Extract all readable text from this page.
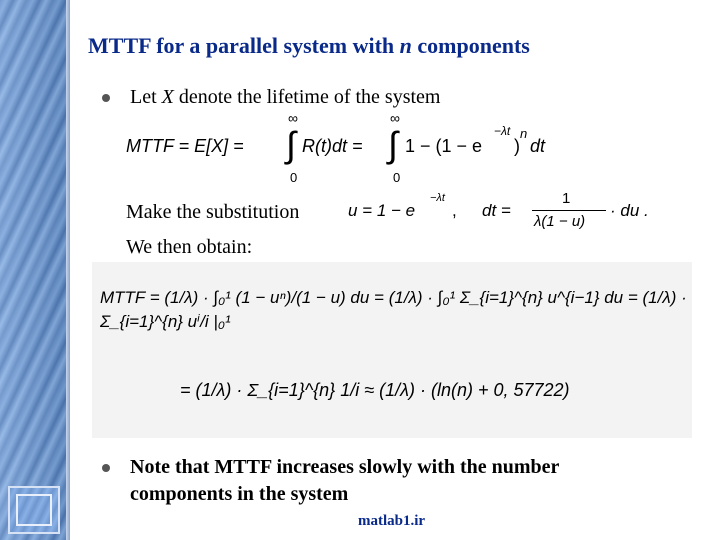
MTTF for a parallel system with n components
Let X denote the lifetime of the system
MTTF = E[X] =
∞
∫
0
R(t)dt =
∞
∫
0
1 − (1 − e
−λt
)
n
dt
Make the substitution	u = 1 − e
−λt
, dt =
1
λ(1 − u)
· du .
We then obtain:
MTTF = (1/λ) · ∫₀¹ (1 − uⁿ)/(1 − u) du = (1/λ) · ∫₀¹ Σ_{i=1}^{n} u^{i−1} du = (1/λ) · Σ_{i=1}^{n} uⁱ/i |₀¹
= (1/λ) · Σ_{i=1}^{n} 1/i ≈ (1/λ) · (ln(n) + 0, 57722)
Note that MTTF increases slowly with the number
components in the system
matlab1.ir
